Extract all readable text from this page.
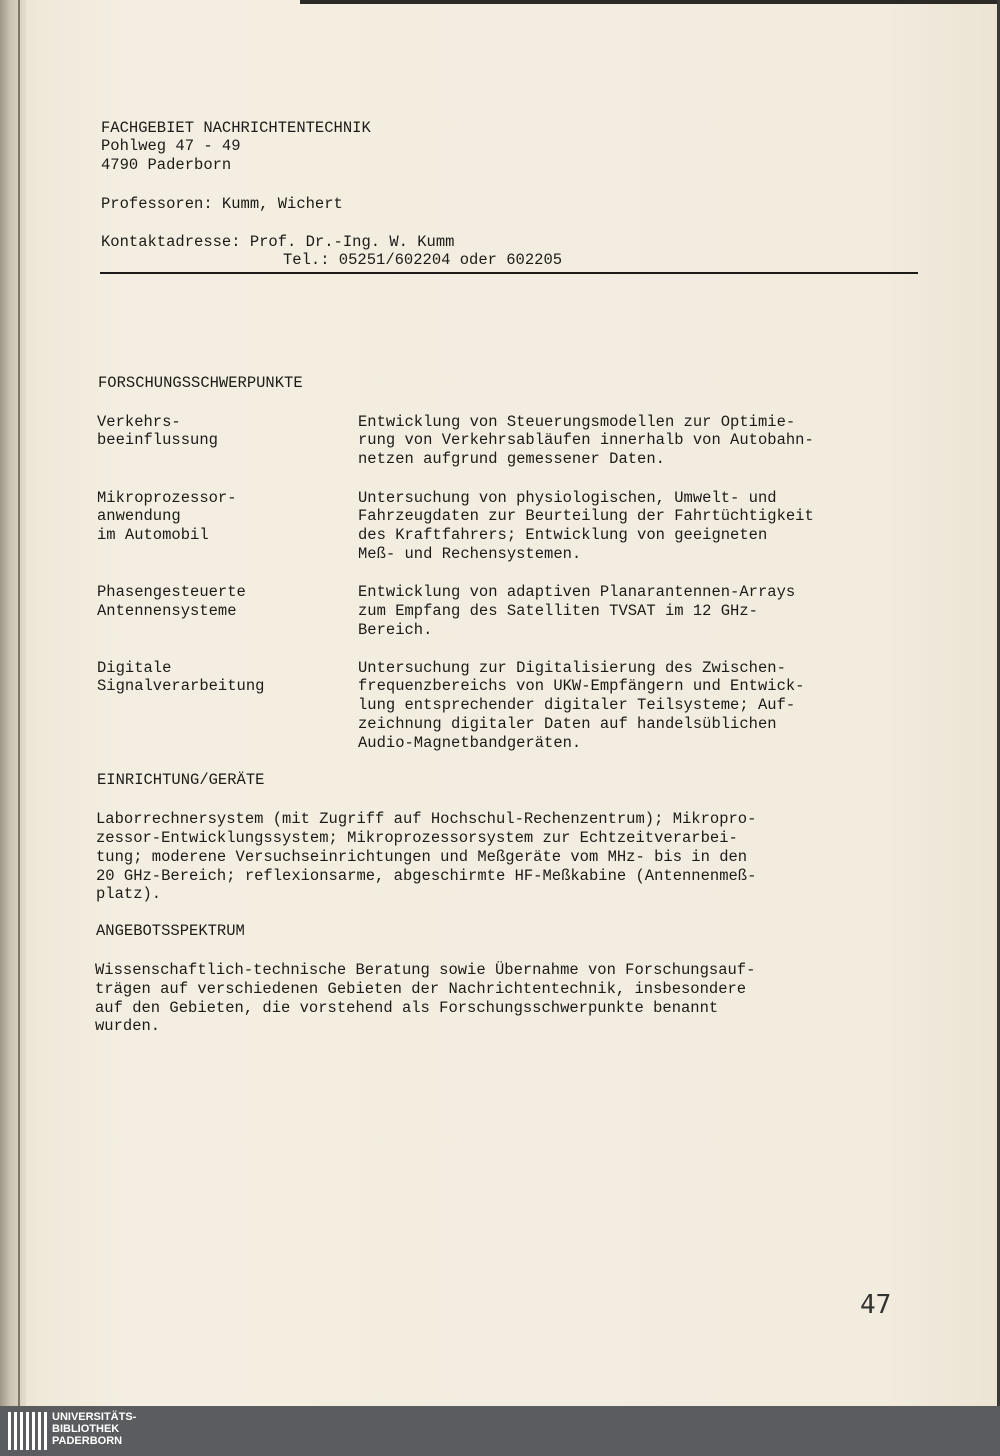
FACHGEBIET NACHRICHTENTECHNIK
Pohlweg 47 - 49
4790 Paderborn
Professoren: Kumm, Wichert
Kontaktadresse: Prof. Dr.-Ing. W. Kumm
Tel.: 05251/602204 oder 602205
FORSCHUNGSSCHWERPUNKTE
Verkehrs-
beeinflussung
Entwicklung von Steuerungsmodellen zur Optimie-
rung von Verkehrsabläufen innerhalb von Autobahn-
netzen aufgrund gemessener Daten.
Mikroprozessor-
anwendung
im Automobil
Untersuchung von physiologischen, Umwelt- und
Fahrzeugdaten zur Beurteilung der Fahrtüchtigkeit
des Kraftfahrers; Entwicklung von geeigneten
Meß- und Rechensystemen.
Phasengesteuerte
Antennensysteme
Entwicklung von adaptiven Planarantennen-Arrays
zum Empfang des Satelliten TVSAT im 12 GHz-
Bereich.
Digitale
Signalverarbeitung
Untersuchung zur Digitalisierung des Zwischen-
frequenzbereichs von UKW-Empfängern und Entwick-
lung entsprechender digitaler Teilsysteme; Auf-
zeichnung digitaler Daten auf handelsüblichen
Audio-Magnetbandgeräten.
EINRICHTUNG/GERÄTE
Laborrechnersystem (mit Zugriff auf Hochschul-Rechenzentrum); Mikropro-
zessor-Entwicklungssystem; Mikroprozessorsystem zur Echtzeitverarbei-
tung; moderene Versuchseinrichtungen und Meßgeräte vom MHz- bis in den
20 GHz-Bereich; reflexionsarme, abgeschirmte HF-Meßkabine (Antennenmeß-
platz).
ANGEBOTSSPEKTRUM
Wissenschaftlich-technische Beratung sowie Übernahme von Forschungsauf-
trägen auf verschiedenen Gebieten der Nachrichtentechnik, insbesondere
auf den Gebieten, die vorstehend als Forschungsschwerpunkte benannt
wurden.
47
UNIVERSITÄTS-
BIBLIOTHEK
PADERBORN
